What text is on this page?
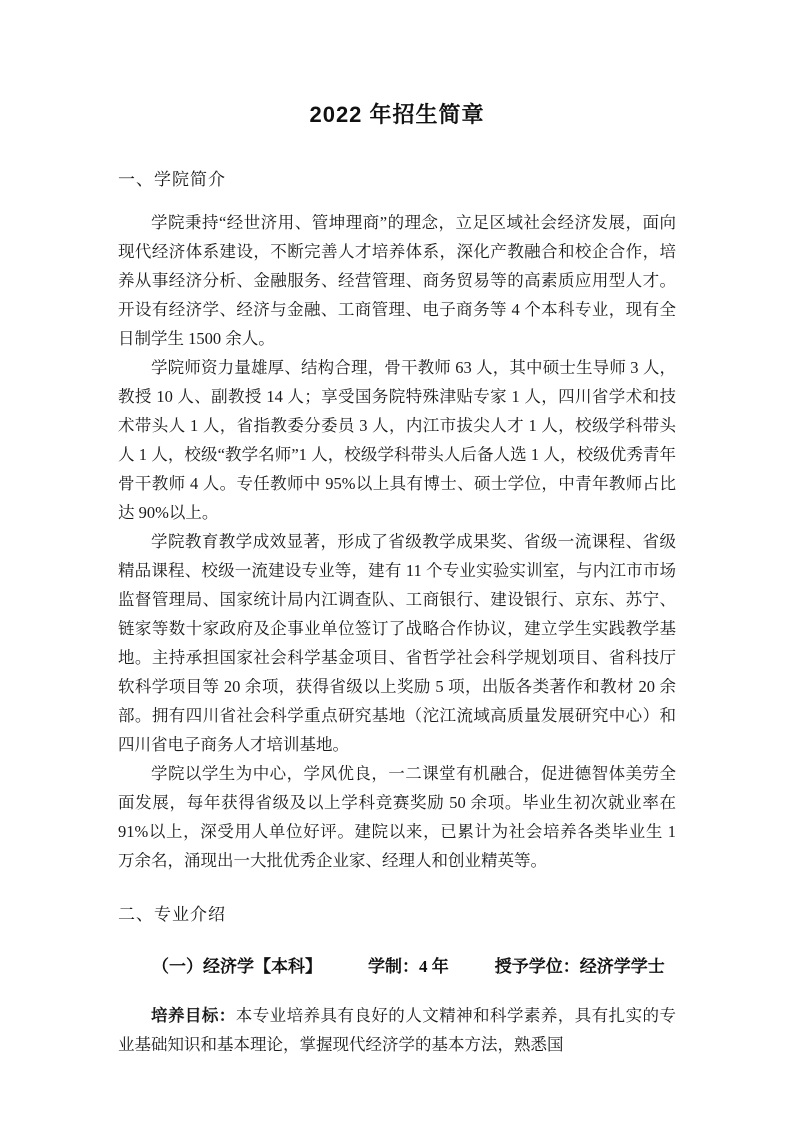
2022 年招生简章
一、学院简介

学院秉持“经世济用、管坤理商”的理念，立足区域社会经济发展，面向现代经济体系建设，不断完善人才培养体系，深化产教融合和校企合作，培养从事经济分析、金融服务、经营管理、商务贸易等的高素质应用型人才。开设有经济学、经济与金融、工商管理、电子商务等 4 个本科专业，现有全日制学生 1500 余人。

学院师资力量雄厚、结构合理，骨干教师 63 人，其中硕士生导师 3 人，教授 10 人、副教授 14 人；享受国务院特殊津贴专家 1 人，四川省学术和技术带头人 1 人，省指教委分委员 3 人，内江市拔尖人才 1 人，校级学科带头人 1 人，校级“教学名师”1 人，校级学科带头人后备人选 1 人，校级优秀青年骨干教师 4 人。专任教师中 95%以上具有博士、硕士学位，中青年教师占比达 90%以上。

学院教育教学成效显著，形成了省级教学成果奖、省级一流课程、省级精品课程、校级一流建设专业等，建有 11 个专业实验实训室，与内江市市场监督管理局、国家统计局内江调查队、工商银行、建设银行、京东、苏宁、链家等数十家政府及企事业单位签订了战略合作协议，建立学生实践教学基地。主持承担国家社会科学基金项目、省哲学社会科学规划项目、省科技厅软科学项目等 20 余项，获得省级以上奖励 5 项，出版各类著作和教材 20 余部。拥有四川省社会科学重点研究基地（沱江流域高质量发展研究中心）和四川省电子商务人才培训基地。

学院以学生为中心，学风优良，一二课堂有机融合，促进德智体美劳全面发展，每年获得省级及以上学科竞赛奖励 50 余项。毕业生初次就业率在 91%以上，深受用人单位好评。建院以来，已累计为社会培养各类毕业生 1 万余名，涌现出一大批优秀企业家、经理人和创业精英等。

二、专业介绍
（一）经济学【本科】	学制：4 年	授予学位：经济学学士

培养目标：本专业培养具有良好的人文精神和科学素养，具有扎实的专业基础知识和基本理论，掌握现代经济学的基本方法，熟悉国
